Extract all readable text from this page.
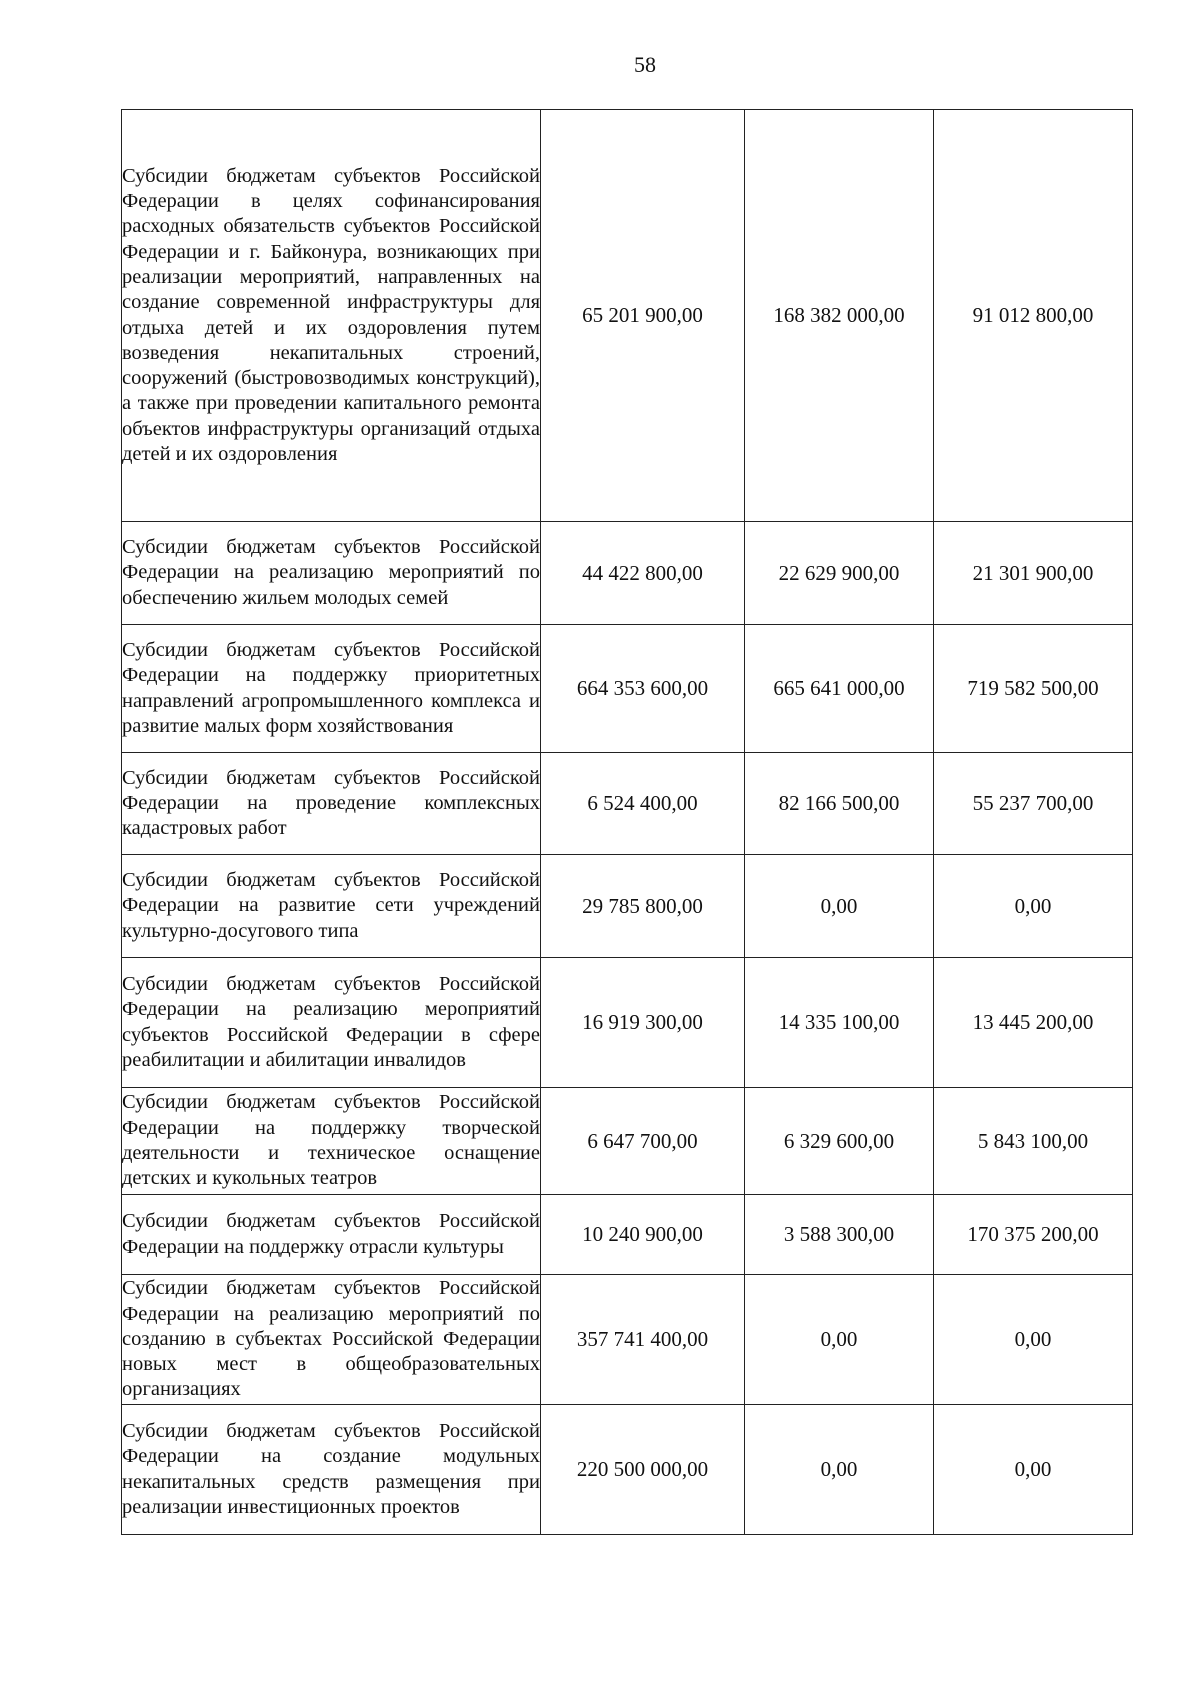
58
Субсидии бюджетам субъектов Российской Федерации в целях софинансирования расходных обязательств субъектов Российской Федерации и г. Байконура, возникающих при реализации мероприятий, направленных на создание современной инфраструктуры для отдыха детей и их оздоровления путем возведения некапитальных строений, сооружений (быстровозводимых конструкций), а также при проведении капитального ремонта объектов инфраструктуры организаций отдыха детей и их оздоровления	65 201 900,00	168 382 000,00	91 012 800,00

Субсидии бюджетам субъектов Российской Федерации на реализацию мероприятий по обеспечению жильем молодых семей	44 422 800,00	22 629 900,00	21 301 900,00

Субсидии бюджетам субъектов Российской Федерации на поддержку приоритетных направлений агропромышленного комплекса и развитие малых форм хозяйствования	664 353 600,00	665 641 000,00	719 582 500,00

Субсидии бюджетам субъектов Российской Федерации на проведение комплексных кадастровых работ	6 524 400,00	82 166 500,00	55 237 700,00

Субсидии бюджетам субъектов Российской Федерации на развитие сети учреждений культурно-досугового типа	29 785 800,00	0,00	0,00

Субсидии бюджетам субъектов Российской Федерации на реализацию мероприятий субъектов Российской Федерации в сфере реабилитации и абилитации инвалидов	16 919 300,00	14 335 100,00	13 445 200,00

Субсидии бюджетам субъектов Российской Федерации на поддержку творческой деятельности и техническое оснащение детских и кукольных театров	6 647 700,00	6 329 600,00	5 843 100,00

Субсидии бюджетам субъектов Российской Федерации на поддержку отрасли культуры	10 240 900,00	3 588 300,00	170 375 200,00

Субсидии бюджетам субъектов Российской Федерации на реализацию мероприятий по созданию в субъектах Российской Федерации новых мест в общеобразовательных организациях	357 741 400,00	0,00	0,00

Субсидии бюджетам субъектов Российской Федерации на создание модульных некапитальных средств размещения при реализации инвестиционных проектов	220 500 000,00	0,00	0,00
